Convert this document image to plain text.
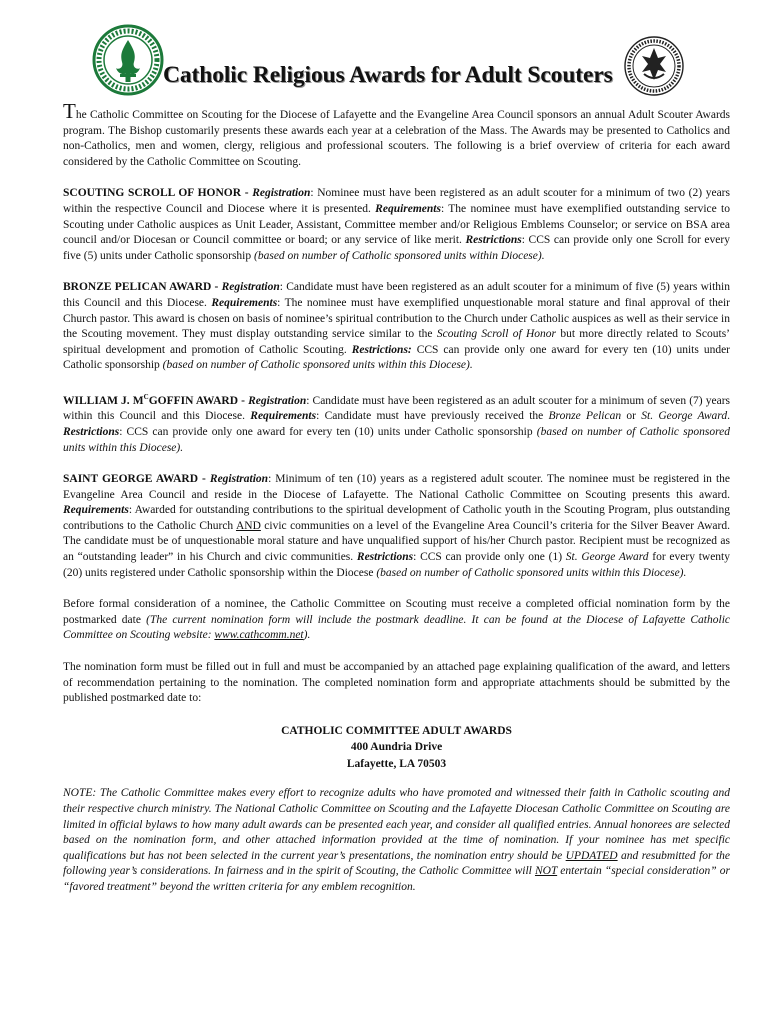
Catholic Religious Awards for Adult Scouters

The Catholic Committee on Scouting for the Diocese of Lafayette and the Evangeline Area Council sponsors an annual Adult Scouter Awards program. The Bishop customarily presents these awards each year at a celebration of the Mass. The Awards may be presented to Catholics and non-Catholics, men and women, clergy, religious and professional scouters. The following is a brief overview of criteria for each award considered by the Catholic Committee on Scouting.

SCOUTING SCROLL OF HONOR - Registration: Nominee must have been registered as an adult scouter for a minimum of two (2) years within the respective Council and Diocese where it is presented. Requirements: The nominee must have exemplified outstanding service to Scouting under Catholic auspices as Unit Leader, Assistant, Committee member and/or Religious Emblems Counselor; or service on BSA area council and/or Diocesan or Council committee or board; or any service of like merit. Restrictions: CCS can provide only one Scroll for every five (5) units under Catholic sponsorship (based on number of Catholic sponsored units within Diocese).

BRONZE PELICAN AWARD - Registration: Candidate must have been registered as an adult scouter for a minimum of five (5) years within this Council and this Diocese. Requirements: The nominee must have exemplified unquestionable moral stature and final approval of their Church pastor. This award is chosen on basis of nominee’s spiritual contribution to the Church under Catholic auspices as well as their service in the Scouting movement. They must display outstanding service similar to the Scouting Scroll of Honor but more directly related to Scouts’ spiritual development and promotion of Catholic Scouting. Restrictions: CCS can provide only one award for every ten (10) units under Catholic sponsorship (based on number of Catholic sponsored units within this Diocese).

WILLIAM J. $M^CGOFFIN$ AWARD - Registration: Candidate must have been registered as an adult scouter for a minimum of seven (7) years within this Council and this Diocese. Requirements: Candidate must have previously received the Bronze Pelican or St. George Award. Restrictions: CCS can provide only one award for every ten (10) units under Catholic sponsorship (based on number of Catholic sponsored units within this Diocese).

SAINT GEORGE AWARD - Registration: Minimum of ten (10) years as a registered adult scouter. The nominee must be registered in the Evangeline Area Council and reside in the Diocese of Lafayette. The National Catholic Committee on Scouting presents this award. Requirements: Awarded for outstanding contributions to the spiritual development of Catholic youth in the Scouting Program, plus outstanding contributions to the Catholic Church AND civic communities on a level of the Evangeline Area Council’s criteria for the Silver Beaver Award. The candidate must be of unquestionable moral stature and have unqualified support of his/her Church pastor. Recipient must be recognized as an “outstanding leader” in his Church and civic communities. Restrictions: CCS can provide only one (1) St. George Award for every twenty (20) units registered under Catholic sponsorship within the Diocese (based on number of Catholic sponsored units within this Diocese).

Before formal consideration of a nominee, the Catholic Committee on Scouting must receive a completed official nomination form by the postmarked date (The current nomination form will include the postmark deadline. It can be found at the Diocese of Lafayette Catholic Committee on Scouting website: www.cathcomm.net).

The nomination form must be filled out in full and must be accompanied by an attached page explaining qualification of the award, and letters of recommendation pertaining to the nomination. The completed nomination form and appropriate attachments should be submitted by the published postmarked date to:

CATHOLIC COMMITTEE ADULT AWARDS
400 Aundria Drive
Lafayette, LA 70503

NOTE: The Catholic Committee makes every effort to recognize adults who have promoted and witnessed their faith in Catholic scouting and their respective church ministry. The National Catholic Committee on Scouting and the Lafayette Diocesan Catholic Committee on Scouting are limited in official bylaws to how many adult awards can be presented each year, and consider all qualified entries. Annual honorees are selected based on the nomination form, and other attached information provided at the time of nomination. If your nominee has met specific qualifications but has not been selected in the current year’s presentations, the nomination entry should be UPDATED and resubmitted for the following year’s considerations. In fairness and in the spirit of Scouting, the Catholic Committee will NOT entertain “special consideration” or “favored treatment” beyond the written criteria for any emblem recognition.
